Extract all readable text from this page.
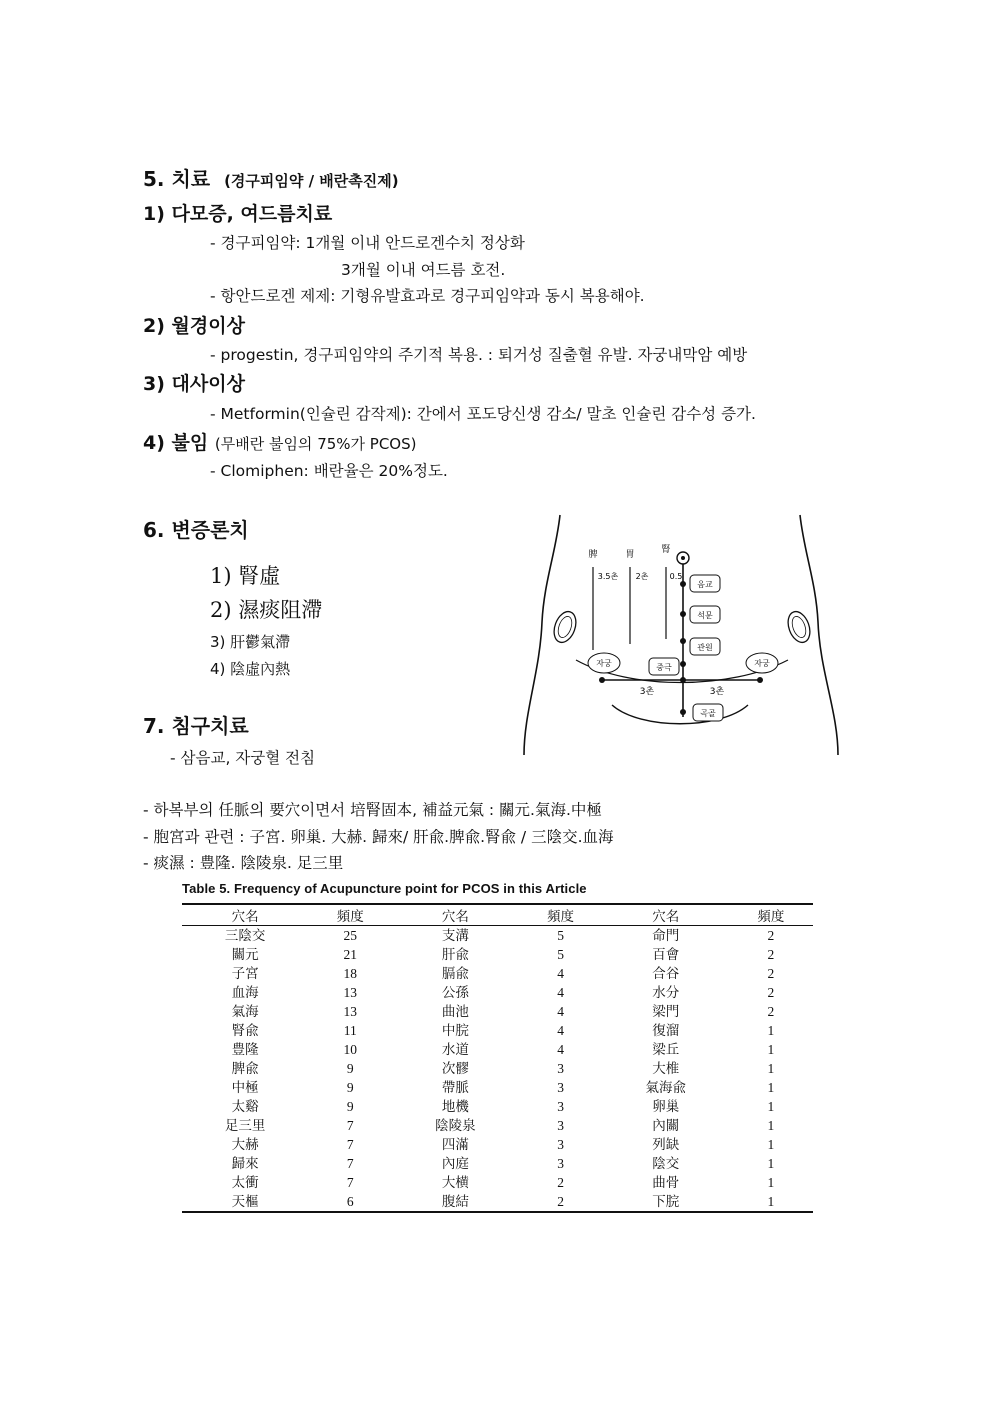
5. 치료 (경구피임약 / 배란촉진제)
1) 다모증, 여드름치료
- 경구피임약: 1개월 이내 안드로겐수치 정상화
3개월 이내 여드름 호전.
- 항안드로겐 제제: 기형유발효과로 경구피임약과 동시 복용해야.
2) 월경이상
- progestin, 경구피임약의 주기적 복용. : 퇴거성 질출혈 유발. 자궁내막암 예방
3) 대사이상
- Metformin(인슐린 감작제): 간에서 포도당신생 감소/ 말초 인슐린 감수성 증가.
4) 불임 (무배란 불임의 75%가 PCOS)
- Clomiphen: 배란율은 20%정도.
6. 변증론치
1) 腎虛
2) 濕痰阻滯
3) 肝鬱氣滯
4) 陰虛內熱
7. 침구치료
- 삼음교, 자궁혈 전침
脾	胃	腎
3.5촌 2촌	0.5
3촌	3촌
음교
석문
관원
중극
자궁	자궁
곡골
- 하복부의 任脈의 要穴이면서 培腎固本, 補益元氣 : 關元.氣海.中極
- 胞宮과 관련 : 子宮. 卵巢. 大赫. 歸來/ 肝兪.脾兪.腎兪 / 三陰交.血海
- 痰濕 : 豊隆. 陰陵泉. 足三里
Table 5. Frequency of Acupuncture point for PCOS in this Article
穴名	頻度	穴名	頻度	穴名	頻度
三陰交	25	支溝	5	命門	2
關元	21	肝兪	5	百會	2
子宮	18	膈兪	4	合谷	2
血海	13	公孫	4	水分	2
氣海	13	曲池	4	梁門	2
腎兪	11	中脘	4	復溜	1
豊隆	10	水道	4	梁丘	1
脾兪	9	次髎	3	大椎	1
中極	9	帶脈	3	氣海兪	1
太谿	9	地機	3	卵巢	1
足三里	7	陰陵泉	3	內關	1
大赫	7	四滿	3	列缺	1
歸來	7	內庭	3	陰交	1
太衝	7	大横	2	曲骨	1
天樞	6	腹結	2	下脘	1
